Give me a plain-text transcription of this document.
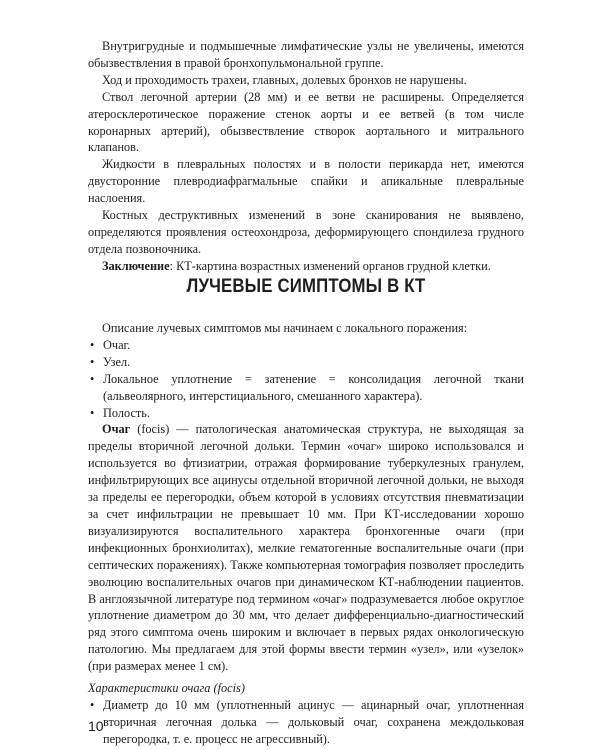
Внутригрудные и подмышечные лимфатические узлы не увеличены, имеются обызвествления в правой бронхопульмональной группе.

Ход и проходимость трахеи, главных, долевых бронхов не нарушены.

Ствол легочной артерии (28 мм) и ее ветви не расширены. Определяется атеросклеротическое поражение стенок аорты и ее ветвей (в том числе коронарных артерий), обызвествление створок аортального и митрального клапанов.

Жидкости в плевральных полостях и в полости перикарда нет, имеются двусторонние плевродиафрагмальные спайки и апикальные плевральные наслоения.

Костных деструктивных изменений в зоне сканирования не выявлено, определяются проявления остеохондроза, деформирующего спондилеза грудного отдела позвоночника.

Заключение: КТ-картина возрастных изменений органов грудной клетки.

ЛУЧЕВЫЕ СИМПТОМЫ В КТ

Описание лучевых симптомов мы начинаем с локального поражения:

• Очаг.
• Узел.
• Локальное уплотнение = затенение = консолидация легочной ткани (альвеолярного, интерстициального, смешанного характера).
• Полость.

Очаг (focis) — патологическая анатомическая структура, не выходящая за пределы вторичной легочной дольки. Термин «очаг» широко использовался и используется во фтизиатрии, отражая формирование туберкулезных гранулем, инфильтрирующих все ацинусы отдельной вторичной легочной дольки, не выходя за пределы ее перегородки, объем которой в условиях отсутствия пневматизации за счет инфильтрации не превышает 10 мм. При КТ-исследовании хорошо визуализируются воспалительного характера бронхогенные очаги (при инфекционных бронхиолитах), мелкие гематогенные воспалительные очаги (при септических поражениях). Также компьютерная томография позволяет проследить эволюцию воспалительных очагов при динамическом КТ-наблюдении пациентов. В англоязычной литературе под термином «очаг» подразумевается любое округлое уплотнение диаметром до 30 мм, что делает дифференциально-диагностический ряд этого симптома очень широким и включает в первых рядах онкологическую патологию. Мы предлагаем для этой формы ввести термин «узел», или «узелок» (при размерах менее 1 см).

Характеристики очага (focis)

• Диаметр до 10 мм (уплотненный ацинус — ацинарный очаг, уплотненная вторичная легочная долька — дольковый очаг, сохранена междольковая перегородка, т. е. процесс не агрессивный).
10
